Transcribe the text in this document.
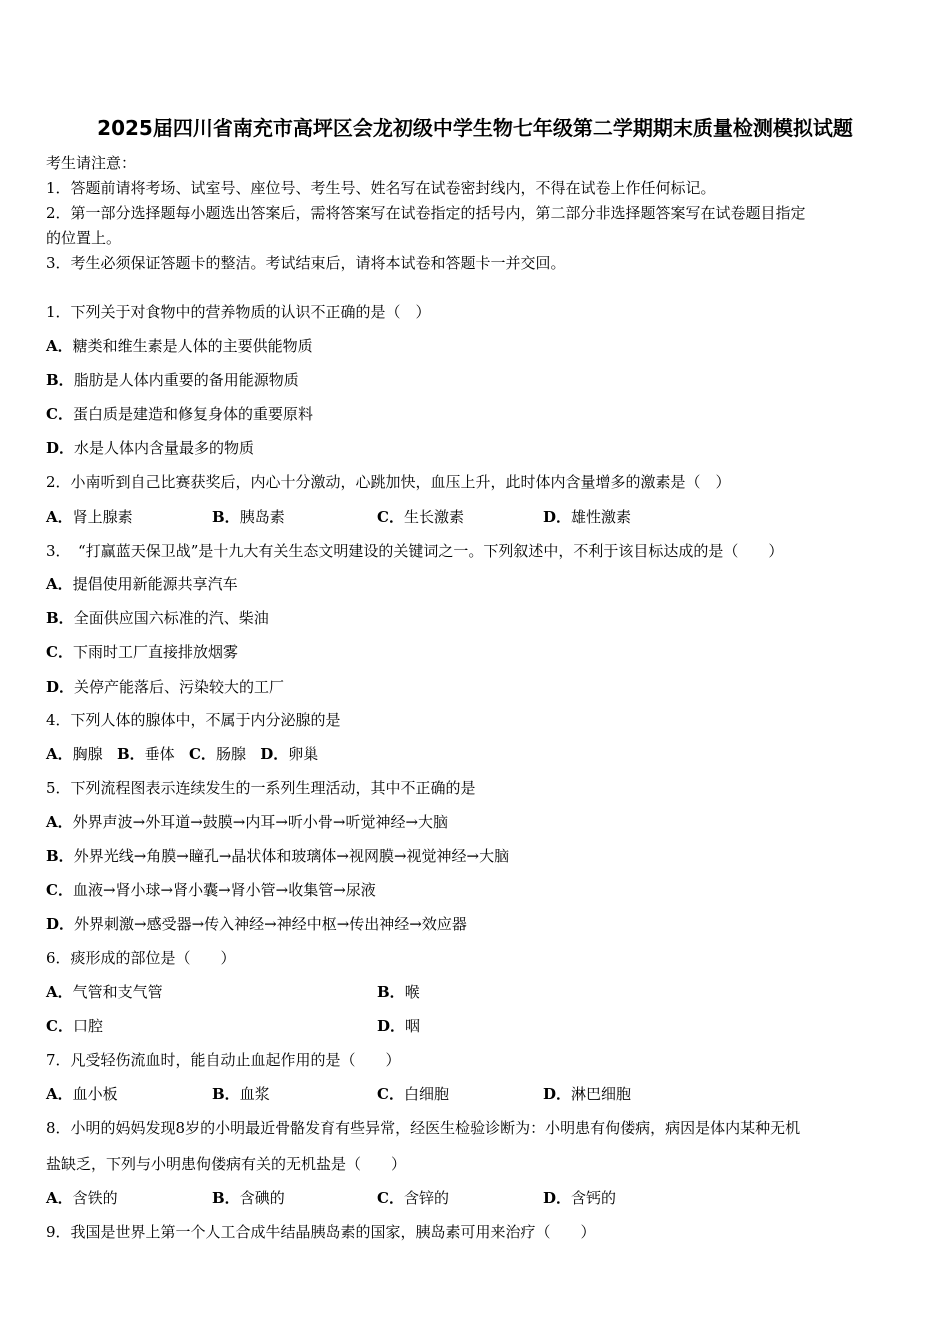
2025届四川省南充市高坪区会龙初级中学生物七年级第二学期期末质量检测模拟试题
考生请注意：
1．答题前请将考场、试室号、座位号、考生号、姓名写在试卷密封线内，不得在试卷上作任何标记。
2．第一部分选择题每小题选出答案后，需将答案写在试卷指定的括号内，第二部分非选择题答案写在试卷题目指定
的位置上。
3．考生必须保证答题卡的整洁。考试结束后，请将本试卷和答题卡一并交回。
1．下列关于对食物中的营养物质的认识不正确的是（　）
A．糖类和维生素是人体的主要供能物质
B．脂肪是人体内重要的备用能源物质
C．蛋白质是建造和修复身体的重要原料
D．水是人体内含量最多的物质
2．小南听到自己比赛获奖后，内心十分激动，心跳加快，血压上升，此时体内含量增多的激素是（　）
A．肾上腺素	B．胰岛素	C．生长激素	D．雄性激素
3．　“打赢蓝天保卫战”是十九大有关生态文明建设的关键词之一。下列叙述中，不利于该目标达成的是（　　）
A．提倡使用新能源共享汽车
B．全面供应国六标准的汽、柴油
C．下雨时工厂直接排放烟雾
D．关停产能落后、污染较大的工厂
4．下列人体的腺体中，不属于内分泌腺的是
A．胸腺 B．垂体 C．肠腺 D．卵巢
5．下列流程图表示连续发生的一系列生理活动，其中不正确的是
A．外界声波→外耳道→鼓膜→内耳→听小骨→听觉神经→大脑
B．外界光线→角膜→瞳孔→晶状体和玻璃体→视网膜→视觉神经→大脑
C．血液→肾小球→肾小囊→肾小管→收集管→尿液
D．外界刺激→感受器→传入神经→神经中枢→传出神经→效应器
6．痰形成的部位是（　　）
A．气管和支气管	B．喉
C．口腔	D．咽
7．凡受轻伤流血时，能自动止血起作用的是（　　）
A．血小板	B．血浆	C．白细胞	D．淋巴细胞
8．小明的妈妈发现8岁的小明最近骨骼发育有些异常，经医生检验诊断为：小明患有佝偻病，病因是体内某种无机
盐缺乏，下列与小明患佝偻病有关的无机盐是（　　）
A．含铁的	B．含碘的	C．含锌的	D．含钙的
9．我国是世界上第一个人工合成牛结晶胰岛素的国家，胰岛素可用来治疗（　　）
